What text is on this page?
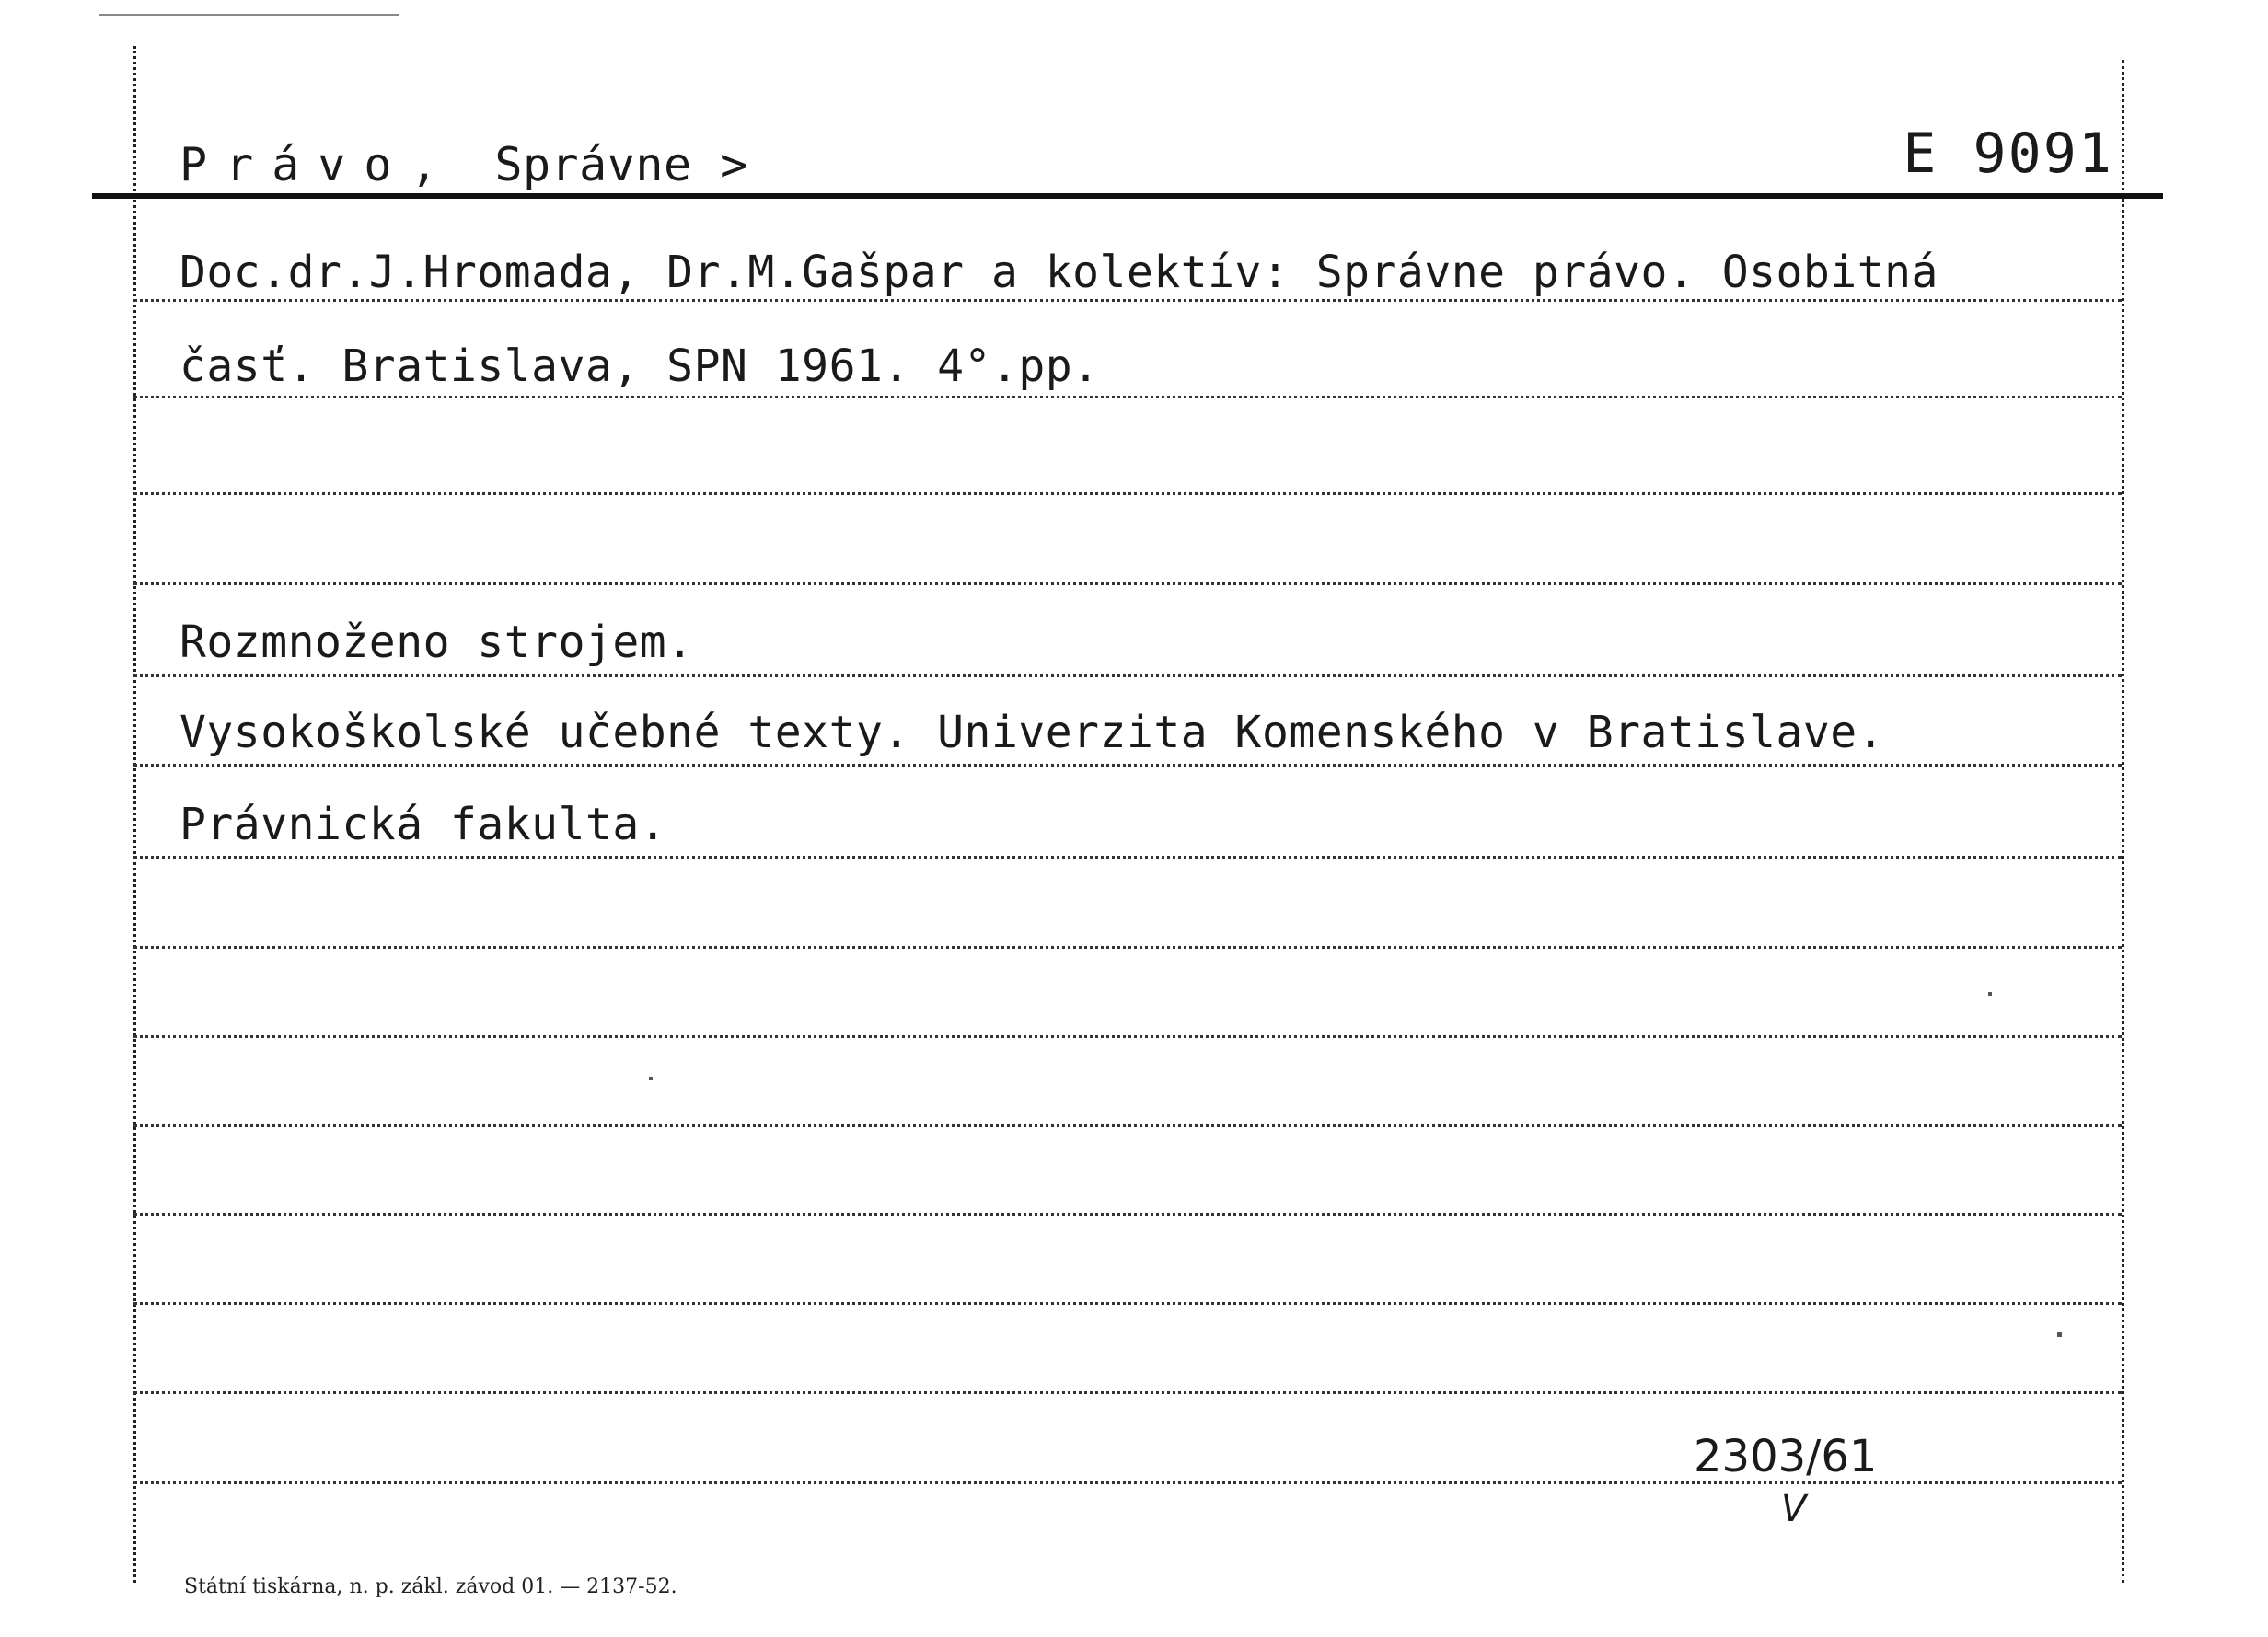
Právo, Správne >	E 9091
Doc.dr.J.Hromada, Dr.M.Gašpar a kolektív: Správne právo. Osobitná
časť. Bratislava, SPN 1961. 4°.pp.
Rozmnoženo strojem.
Vysokoškolské učebné texty. Univerzita Komenského v Bratislave.
Právnická fakulta.
2303/61
V
Státní tiskárna, n. p. zákl. závod 01. — 2137-52.
